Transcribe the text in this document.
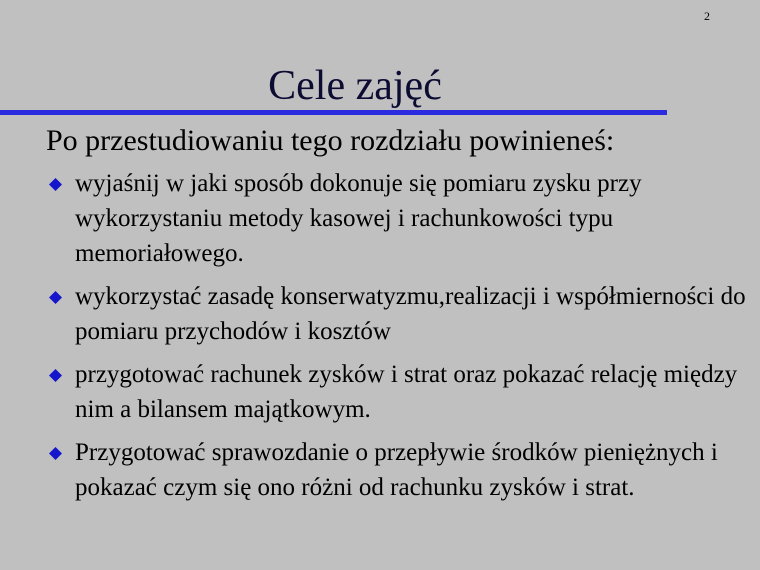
2
Cele zajęć
Po przestudiowaniu tego rozdziału powinieneś:
wyjaśnij w jaki sposób dokonuje się pomiaru zysku przy wykorzystaniu metody kasowej i rachunkowości typu memoriałowego.
wykorzystać zasadę konserwatyzmu,realizacji i współmierności do pomiaru przychodów i kosztów
przygotować rachunek zysków i strat oraz pokazać relację między nim a bilansem majątkowym.
Przygotować sprawozdanie o przepływie środków pieniężnych i pokazać czym się ono różni od rachunku zysków i strat.
